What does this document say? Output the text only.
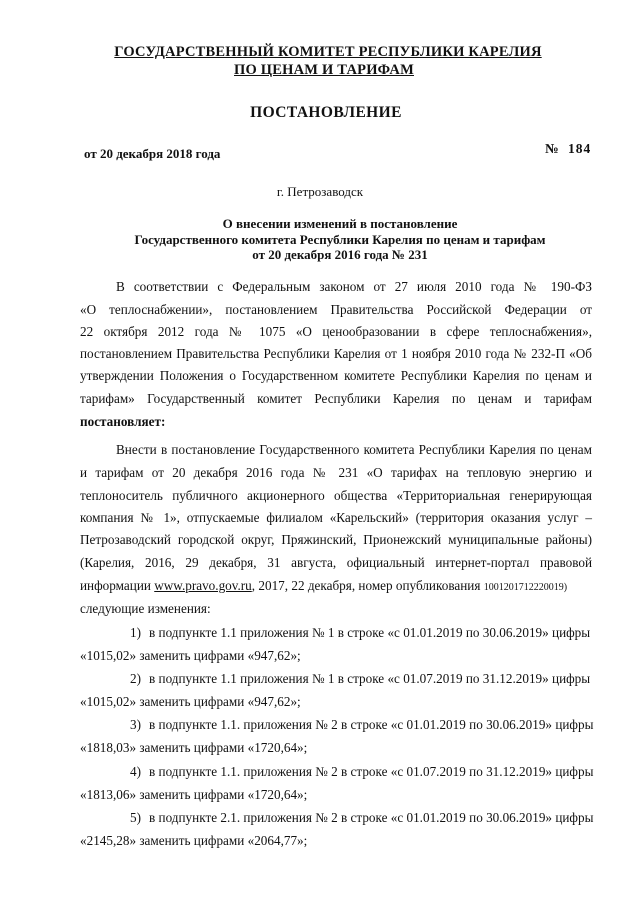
ГОСУДАРСТВЕННЫЙ КОМИТЕТ РЕСПУБЛИКИ КАРЕЛИЯ
ПО ЦЕНАМ И ТАРИФАМ
ПОСТАНОВЛЕНИЕ
от 20 декабря 2018 года	№ 184
г. Петрозаводск
О внесении изменений в постановление
Государственного комитета Республики Карелия по ценам и тарифам
от 20 декабря 2016 года № 231
В соответствии с Федеральным законом от 27 июля 2010 года № 190-ФЗ
«О теплоснабжении», постановлением Правительства Российской Федерации от
22 октября 2012 года № 1075 «О ценообразовании в сфере теплоснабжения»,
постановлением Правительства Республики Карелия от 1 ноября 2010 года № 232-П «Об
утверждении Положения о Государственном комитете Республики Карелия по ценам и
тарифам» Государственный комитет Республики Карелия по ценам и тарифам
постановляет:
Внести в постановление Государственного комитета Республики Карелия по ценам
и тарифам от 20 декабря 2016 года № 231 «О тарифах на тепловую энергию и
теплоноситель публичного акционерного общества «Территориальная генерирующая
компания № 1», отпускаемые филиалом «Карельский» (территория оказания услуг –
Петрозаводский городской округ, Пряжинский, Прионежский муниципальные районы)
(Карелия, 2016, 29 декабря, 31 августа, официальный интернет-портал правовой
информации www.pravo.gov.ru, 2017, 22 декабря, номер опубликования 1001201712220019)
следующие изменения:
1) в подпункте 1.1 приложения № 1 в строке «с 01.01.2019 по 30.06.2019» цифры
«1015,02» заменить цифрами «947,62»;
2) в подпункте 1.1 приложения № 1 в строке «с 01.07.2019 по 31.12.2019» цифры
«1015,02» заменить цифрами «947,62»;
3) в подпункте 1.1. приложения № 2 в строке «с 01.01.2019 по 30.06.2019» цифры
«1818,03» заменить цифрами «1720,64»;
4) в подпункте 1.1. приложения № 2 в строке «с 01.07.2019 по 31.12.2019» цифры
«1813,06» заменить цифрами «1720,64»;
5) в подпункте 2.1. приложения № 2 в строке «с 01.01.2019 по 30.06.2019» цифры
«2145,28» заменить цифрами «2064,77»;
